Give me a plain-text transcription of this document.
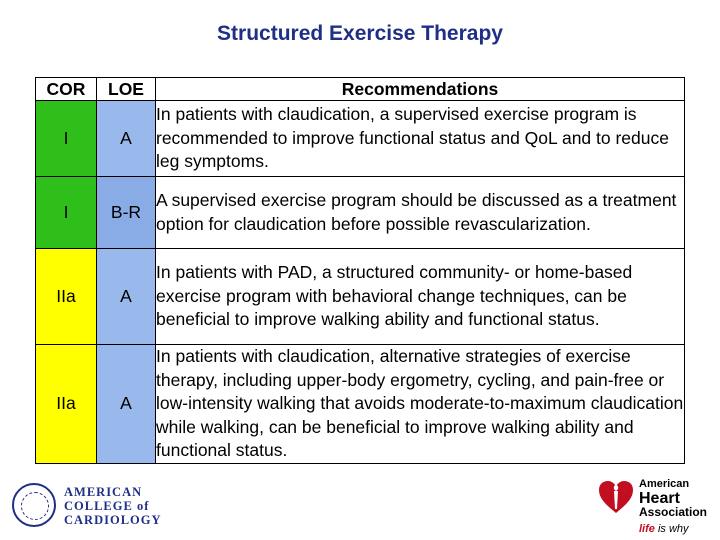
Structured Exercise Therapy
COR	LOE	Recommendations
I	A	In patients with claudication, a supervised exercise program is recommended to improve functional status and QoL and to reduce leg symptoms.
I	B-R	A supervised exercise program should be discussed as a treatment option for claudication before possible revascularization.
IIa	A	In patients with PAD, a structured community- or home-based exercise program with behavioral change techniques, can be beneficial to improve walking ability and functional status.
IIa	A	In patients with claudication, alternative strategies of exercise therapy, including upper-body ergometry, cycling, and pain-free or low-intensity walking that avoids moderate-to-maximum claudication while walking, can be beneficial to improve walking ability and functional status.
AMERICAN
COLLEGE of
CARDIOLOGY
American
Heart
Association
life is why
